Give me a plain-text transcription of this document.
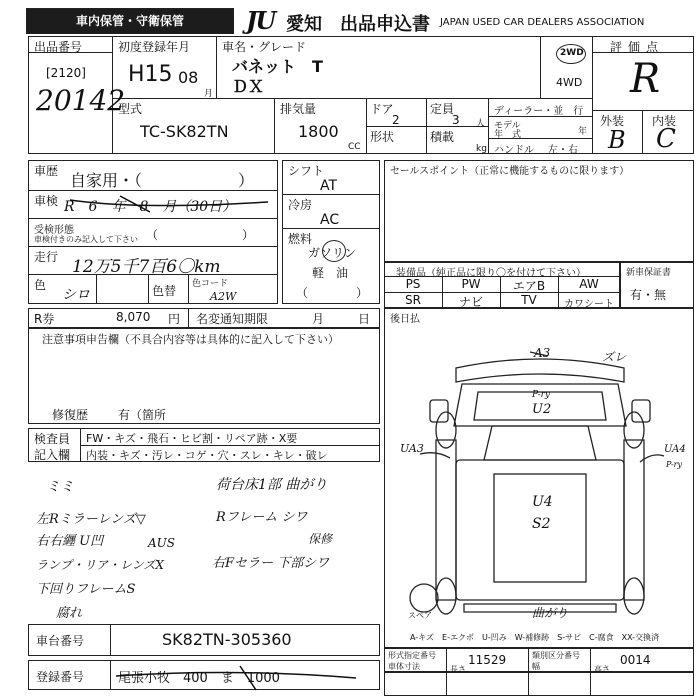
車内保管・守衛保管	JU 愛知 出品申込書 JAPAN USED CAR DEALERS ASSOCIATION
出品番号
[2120]
20142
初度登録年月
H15 08
月
車名・グレード
バネット　T
ＤＸ
2WD
4WD
評価点
R
外装 内装
B C
型式
TC-SK82TN
排気量
1800
CC
ドア
2
定員
3 人
形状	積載
kg
ディーラー・並　行
モデル
年　式	年
ハンドル 左・右
車歴 自家用・（　　　　　　）
車検 R　6　年　8　月（30日）
受検形態
車検付きのみ記入して下さい （　　　　　　　）
走行 12万5千7百6〇km
色
シロ	色替 色コード
A2W
シフト
AT
冷房
AC
燃料
ガソリン
軽　油
（　　　　）
セールスポイント（正常に機能するものに限ります）
装備品（純正品に限り〇を付けて下さい）
PS	PW	エアB	AW
SR	ナビ	TV	カワシート
新車保証書
有・無
R券	8,070 円 名変通知期限	月	日 後日払
注意事項申告欄（不具合内容等は具体的に記入して下さい）
修復歴 有（箇所
検査員
記入欄
FW・キズ・飛石・ヒビ割・リペア跡・X要
内装・キズ・汚レ・コゲ・穴・スレ・キレ・破レ
ミミ	荷台床1部 曲がり
左Rミラーレンズ▽	Rフレーム シワ
右右纒 U凹	AUS	保修
ランプ・リア・レンズX	右Fセラー 下部シワ
下回りフレームS
腐れ
A3	ズレ
P-ry
U2
UA3	UA4
P-ry
U4
S2
曲がり
スペア
A-キズ　E-エクボ　U-凹み　W-補修跡　S-サビ　C-腐食　XX-交換済
車台番号	SK82TN-305360
登録番号	尾張小牧　400　ま　1000
形式指定番号
車体寸法	11529
長さ
類別区分番号
幅	0014
高さ
